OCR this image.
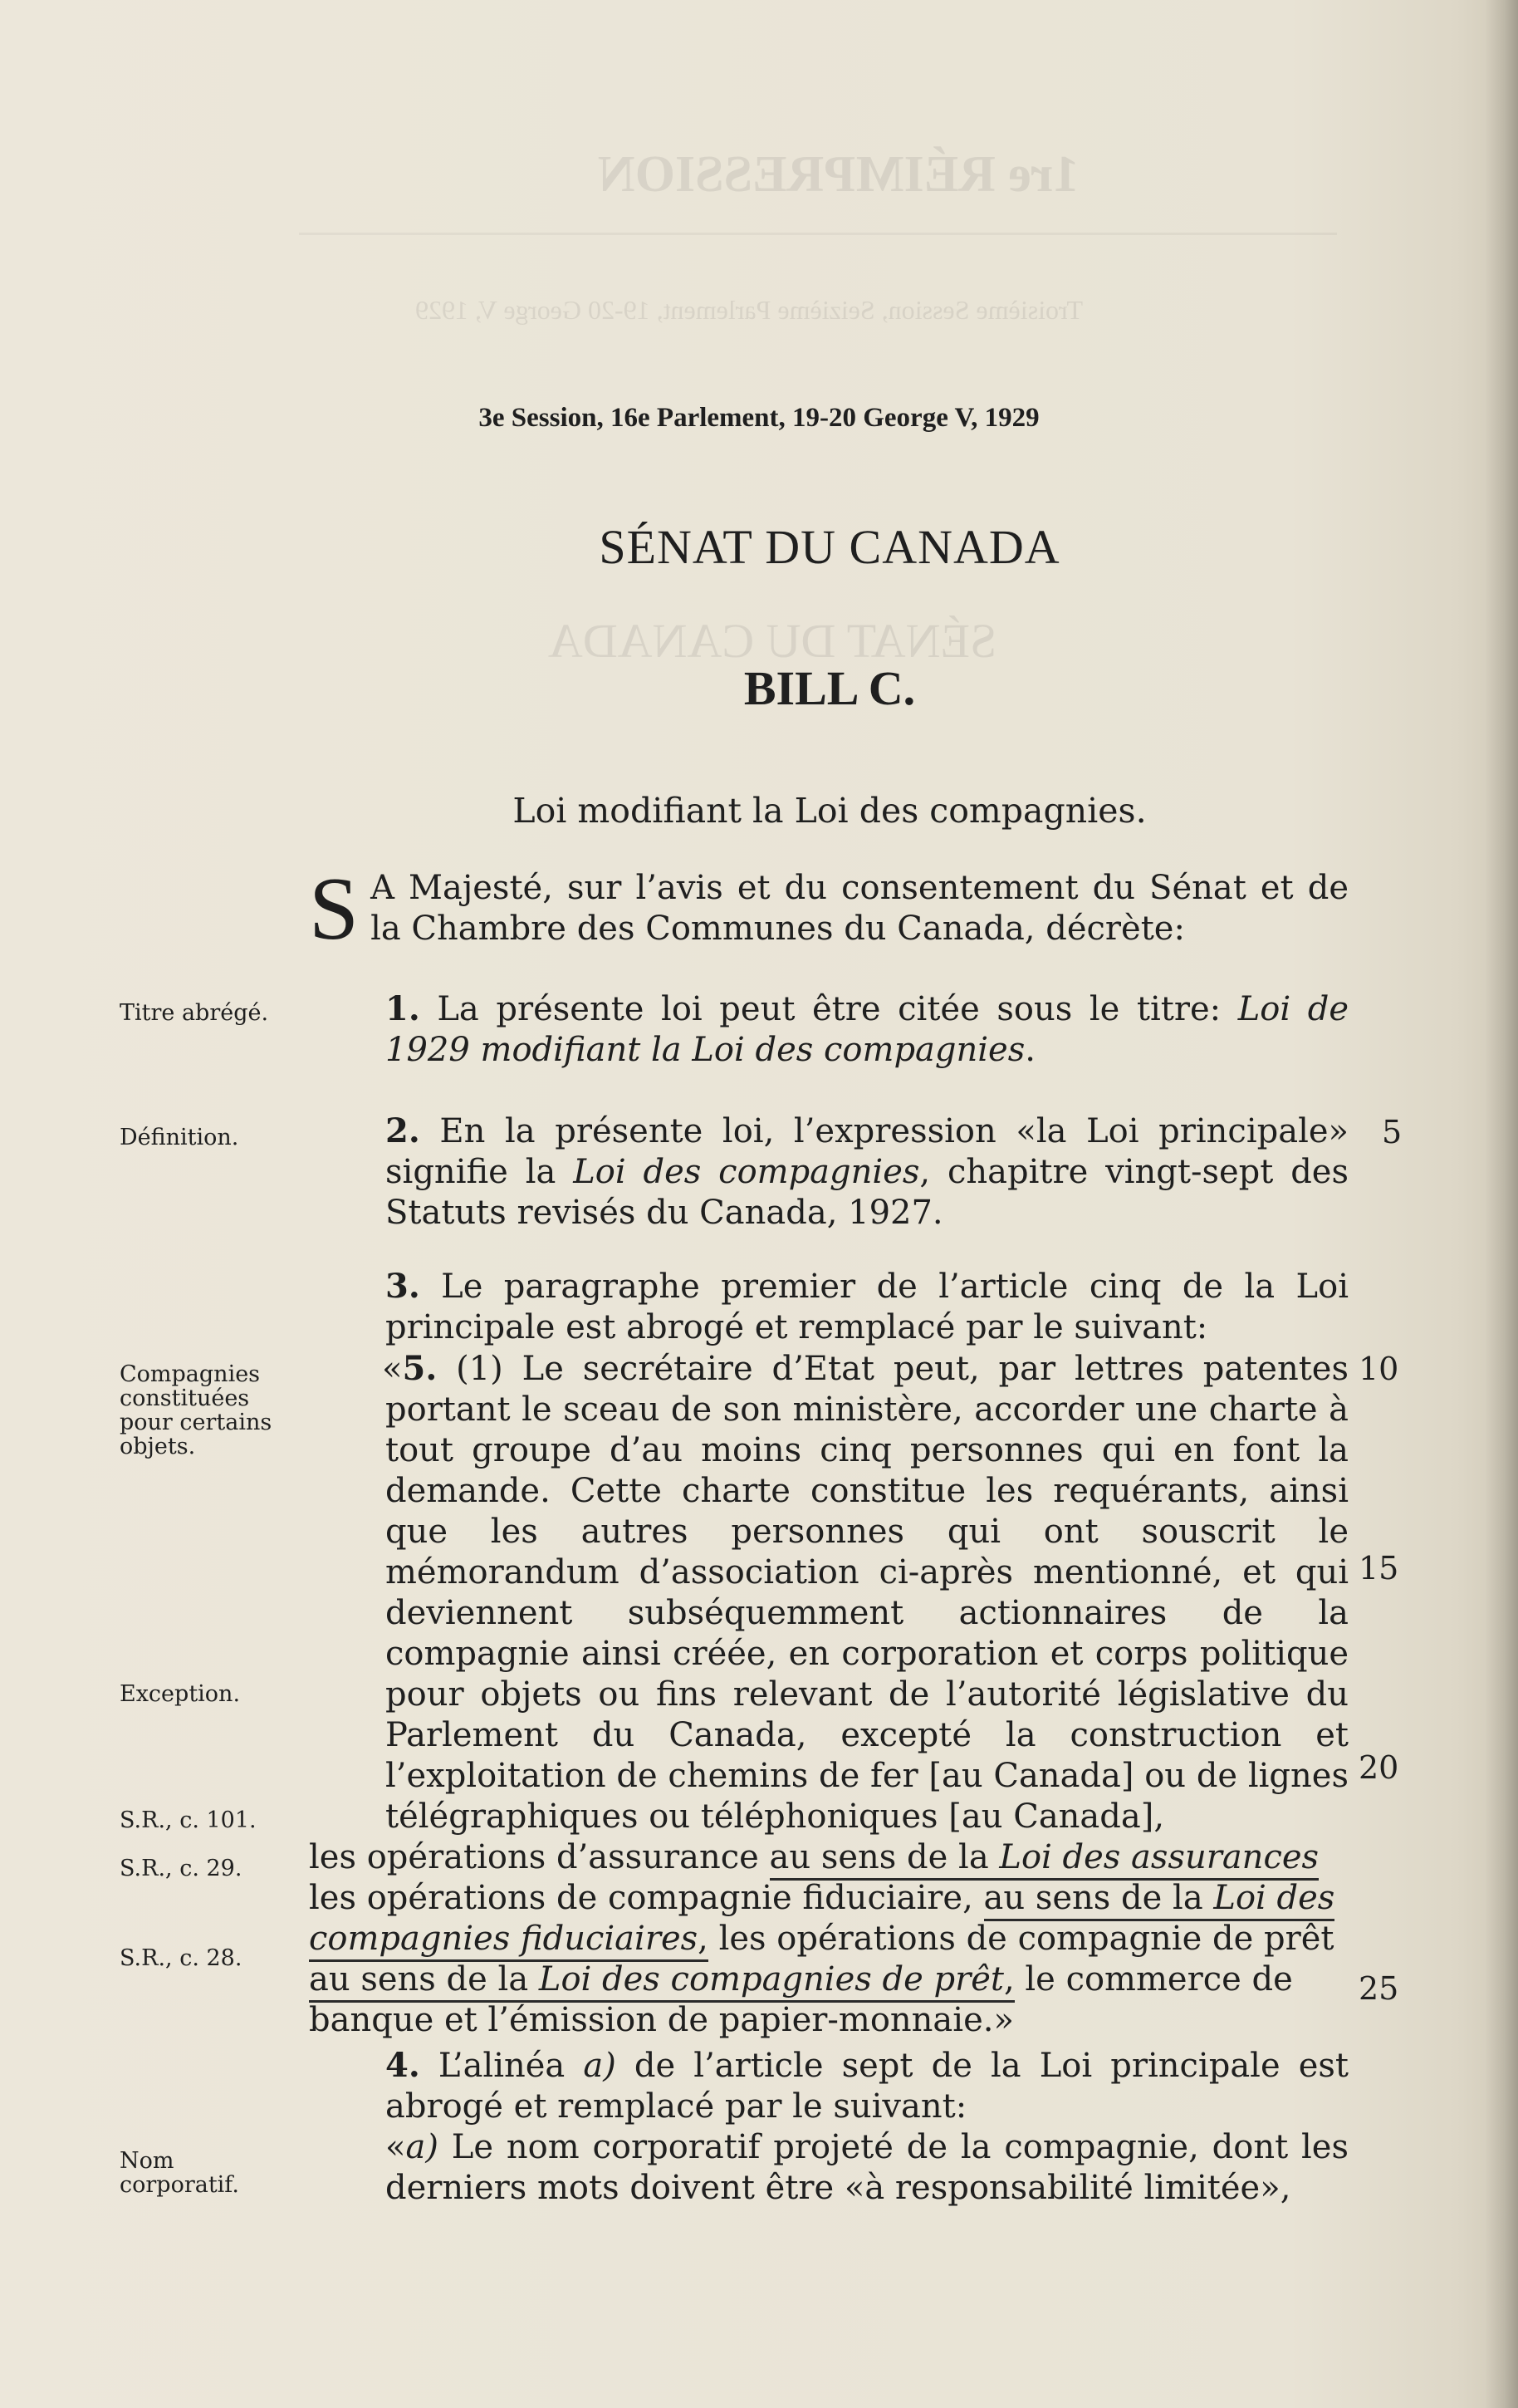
1re RÉIMPRESSION
Troisième Session, Seizième Parlement, 19-20 George V, 1929
SÉNAT DU CANADA
3e Session, 16e Parlement, 19-20 George V, 1929
SÉNAT DU CANADA
BILL C.
Loi modifiant la Loi des compagnies.

S A Majesté, sur l’avis et du consentement du Sénat et de la Chambre des Communes du Canada, décrète:

1. La présente loi peut être citée sous le titre: Loi de 1929 modifiant la Loi des compagnies.

2. En la présente loi, l’expression «la Loi principale» signifie la Loi des compagnies, chapitre vingt-sept des Statuts revisés du Canada, 1927.

3. Le paragraphe premier de l’article cinq de la Loi principale est abrogé et remplacé par le suivant:

«5. (1) Le secrétaire d’Etat peut, par lettres patentes portant le sceau de son ministère, accorder une charte à tout groupe d’au moins cinq personnes qui en font la demande. Cette charte constitue les requérants, ainsi que les autres personnes qui ont souscrit le mémorandum d’association ci-après mentionné, et qui deviennent subséquemment actionnaires de la compagnie ainsi créée, en corporation et corps politique pour objets ou fins relevant de l’autorité législative du Parlement du Canada, excepté la construction et l’exploitation de chemins de fer [au Canada] ou de lignes télégraphiques ou téléphoniques [au Canada],

les opérations d’assurance au sens de la Loi des assurances
les opérations de compagnie fiduciaire, au sens de la Loi des
compagnies fiduciaires, les opérations de compagnie de prêt
au sens de la Loi des compagnies de prêt, le commerce de
banque et l’émission de papier-monnaie.»

4. L’alinéa a) de l’article sept de la Loi principale est abrogé et remplacé par le suivant:

«a) Le nom corporatif projeté de la compagnie, dont les derniers mots doivent être «à responsabilité limitée»,

Titre abrégé.
Définition.
Compagnies constituées pour certains objets.
Exception.
S.R., c. 101.
S.R., c. 29.
S.R., c. 28.
Nom corporatif.
5
10
15
20
25
